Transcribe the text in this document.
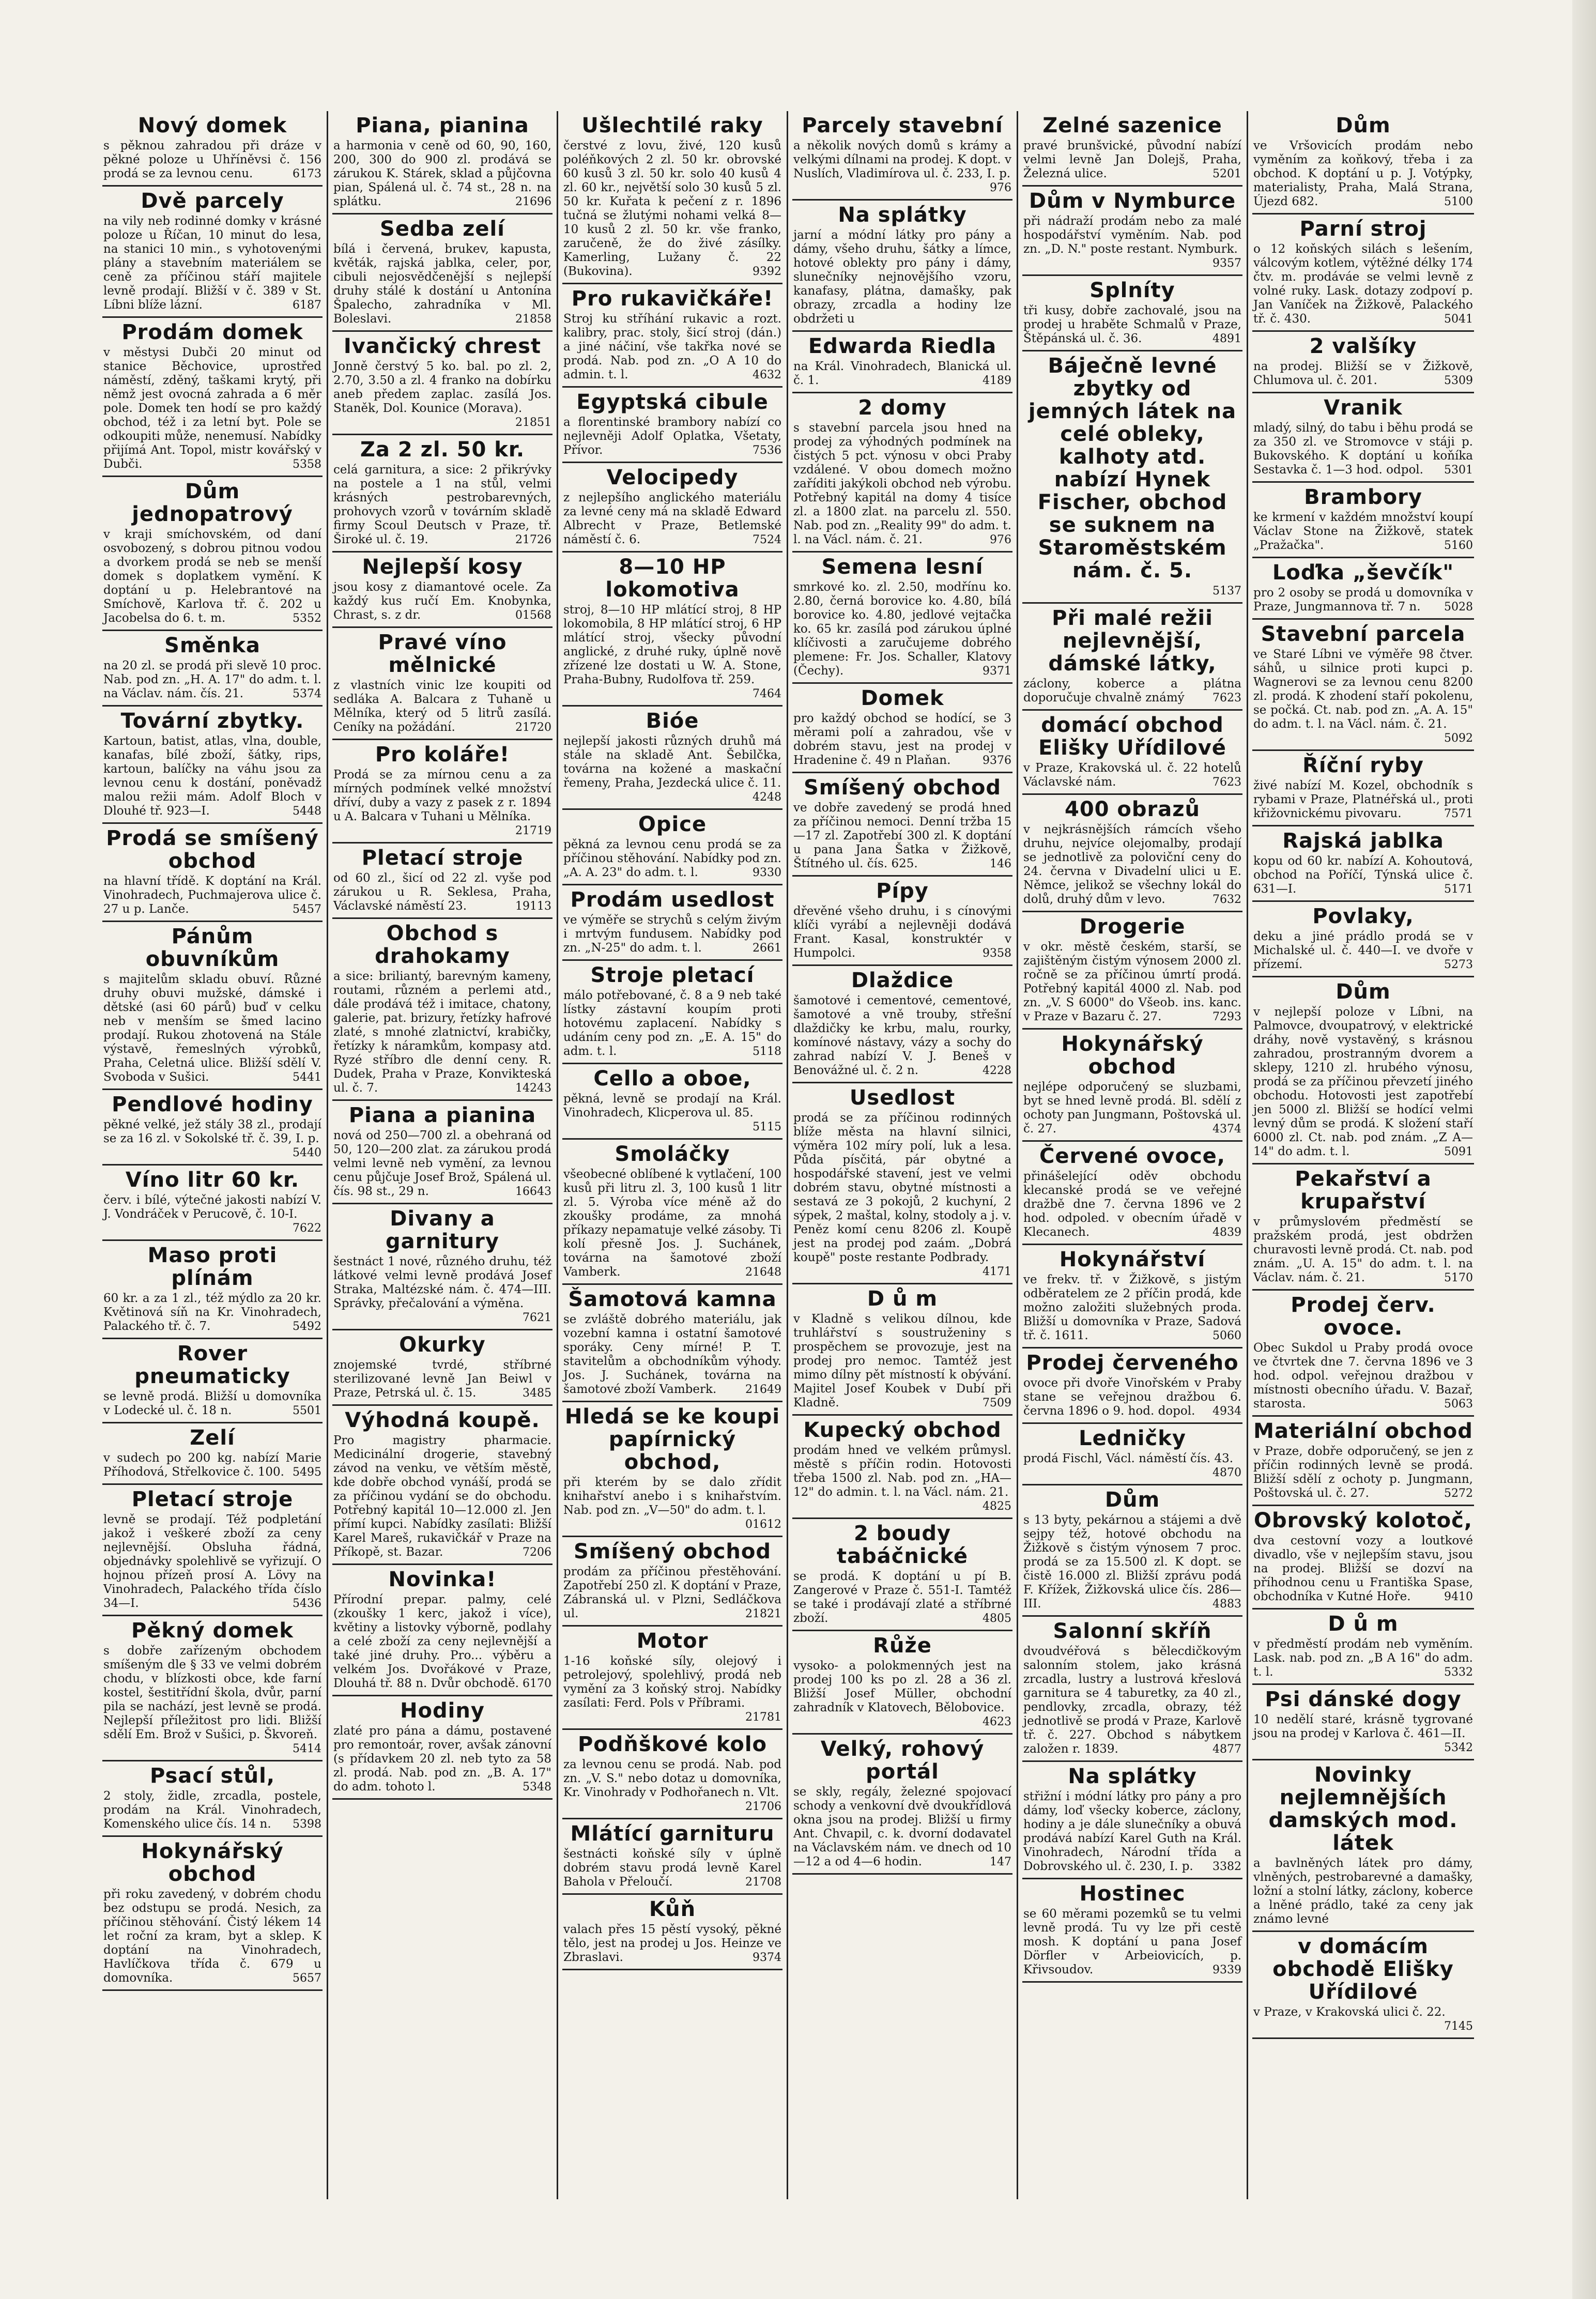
Nový domek
s pěknou zahradou při dráze v pěkné poloze u Uhříněvsi č. 156 prodá se za levnou cenu.	6173
Dvě parcely
na vily neb rodinné domky v krásné poloze u Říčan, 10 minut do lesa, na stanici 10 min., s vyhotovenými plány a stavebním materiálem se ceně za příčinou stáří majitele levně prodají. Bližší v č. 389 v St. Líbni blíže lázní.	6187
Prodám domek
v městysi Dubči 20 minut od stanice Běchovice, uprostřed náměstí, zděný, taškami krytý, při němž jest ovocná zahrada a 6 měr pole. Domek ten hodí se pro každý obchod, též i za letní byt. Pole se odkoupiti může, nenemusí. Nabídky přijímá Ant. Topol, mistr kovářský v Dubči.	5358
Dům jednopatrový
v kraji smíchovském, od daní osvobozený, s dobrou pitnou vodou a dvorkem prodá se neb se menší domek s doplatkem vymění. K doptání u p. Helebrantové na Smíchově, Karlova tř. č. 202 u Jacobelsa do 6. t. m.	5352
Směnka
na 20 zl. se prodá při slevě 10 proc. Nab. pod zn. „H. A. 17" do adm. t. l. na Václav. nám. čís. 21.	5374
Tovární zbytky.
Kartoun, batist, atlas, vlna, double, kanafas, bílé zboží, šátky, rips, kartoun, balíčky na váhu jsou za levnou cenu k dostání, poněvadž malou režii mám. Adolf Bloch v Dlouhé tř. 923—I.	5448
Prodá se smíšený obchod
na hlavní třídě. K doptání na Král. Vinohradech, Puchmajerova ulice č. 27 u p. Lanče.	5457
Pánům obuvníkům
s majitelům skladu obuví. Různé druhy obuvi mužské, dámské i dětské (asi 60 párů) buď v celku neb v menším se šmed lacino prodají. Rukou zhotovená na Stále výstavě, řemeslných výrobků, Praha, Celetná ulice. Bližší sdělí V. Svoboda v Sušici.	5441
Pendlové hodiny
pěkné velké, jež stály 38 zl., prodají se za 16 zl. v Sokolské tř. č. 39, I. p.
5440
Víno litr 60 kr.
červ. i bílé, výtečné jakosti nabízí V. J. Vondráček v Perucově, č. 10-I.
7622
Maso proti plínám
60 kr. a za 1 zl., též mýdlo za 20 kr. Květinová síň na Kr. Vinohradech, Palackého tř. č. 7.	5492
Rover pneumaticky
se levně prodá. Bližší u domovníka v Lodecké ul. č. 18 n.	5501
Zelí
v sudech po 200 kg. nabízí Marie Příhodová, Střelkovice č. 100. 5495
Pletací stroje
levně se prodají. Též podpletání jakož i veškeré zboží za ceny nejlevnější. Obsluha řádná, objednávky spolehlivě se vyřizují. O hojnou přízeň prosí A. Lövy na Vinohradech, Palackého třída číslo 34—I.	5436
Pěkný domek
s dobře zařízeným obchodem smíšeným dle § 33 ve velmi dobrém chodu, v blízkosti obce, kde farní kostel, šestitřídní škola, dvůr, parní pila se nachází, jest levně se prodá. Nejlepší příležitost pro lidi. Bližší sdělí Em. Brož v Sušici, p. Škvoreň.
5414
Psací stůl,
2 stoly, židle, zrcadla, postele, prodám na Král. Vinohradech, Komenského ulice čís. 14 n. 5398
Hokynářský obchod
při roku zavedený, v dobrém chodu bez odstupu se prodá. Nesich, za příčinou stěhování. Čistý lékem 14 let roční za kram, byt a sklep. K doptání na Vinohradech, Havlíčkova třída č. 679 u domovníka.	5657
Piana, pianina
a harmonia v ceně od 60, 90, 160, 200, 300 do 900 zl. prodává se zárukou K. Stárek, sklad a půjčovna pian, Spálená ul. č. 74 st., 28 n. na splátku.	21696
Sedba zelí
bílá i červená, brukev, kapusta, květák, rajská jablka, celer, por, cibuli nejosvědčenější s nejlepší druhy stálé k dostání u Antonína Špalecho, zahradníka v Ml. Boleslavi.	21858
Ivančický chrest
Jonně čerstvý 5 ko. bal. po zl. 2, 2.70, 3.50 a zl. 4 franko na dobírku aneb předem zaplac. zasílá Jos. Staněk, Dol. Kounice (Morava).
21851
Za 2 zl. 50 kr.
celá garnitura, a sice: 2 přikrývky na postele a 1 na stůl, velmi krásných pestrobarevných, prohovych vzorů v továrním skladě firmy Scoul Deutsch v Praze, tř. Široké ul. č. 19.	21726
Nejlepší kosy
jsou kosy z diamantové ocele. Za každý kus ručí Em. Knobynka, Chrast, s. z dr.	01568
Pravé víno mělnické
z vlastních vinic lze koupiti od sedláka A. Balcara z Tuhaně u Mělníka, který od 5 litrů zasílá. Ceníky na požádání.	21720
Pro koláře!
Prodá se za mírnou cenu a za mírných podmínek velké množství dříví, duby a vazy z pasek z r. 1894 u A. Balcara v Tuhani u Mělníka.
21719
Pletací stroje
od 60 zl., šicí od 22 zl. vyše pod zárukou u R. Seklesa, Praha, Václavské náměstí 23.	19113
Obchod s drahokamy
a sice: briliantý, barevným kameny, routami, různém a perlemi atd., dále prodává též i imitace, chatony, galerie, pat. brizury, řetízky hafrové zlaté, s mnohé zlatnictví, krabičky, řetízky k náramkům, kompasy atd. Ryzé stříbro dle denní ceny. R. Dudek, Praha v Praze, Konvikteská ul. č. 7.	14243
Piana a pianina
nová od 250—700 zl. a obehraná od 50, 120—200 zlat. za zárukou prodá velmi levně neb vymění, za levnou cenu půjčuje Josef Brož, Spálená ul. čís. 98 st., 29 n.	16643
Divany a garnitury
šestnáct 1 nové, různého druhu, též látkové velmi levně prodává Josef Straka, Maltézské nám. č. 474—III. Správky, přečalování a výměna.
7621
Okurky
znojemské tvrdé, stříbrné sterilizované levně Jan Beiwl v Praze, Petrská ul. č. 15.	3485
Výhodná koupě.
Pro magistry pharmacie. Medicinální drogerie, stavebný závod na venku, ve větším městě, kde dobře obchod vynáší, prodá se za příčinou vydání se do obchodu. Potřebný kapitál 10—12.000 zl. Jen přímí kupci. Nabídky zasílati: Bližší Karel Mareš, rukavičkář v Praze na Příkopě, st. Bazar.	7206
Novinka!
Přírodní prepar. palmy, celé (zkoušky 1 kerc, jakož i více), květiny a listovky výborně, podlahy a celé zboží za ceny nejlevnější a také jiné druhy. Pro... výběru a velkém Jos. Dvořákové v Praze, Dlouhá tř. 88 n. Dvůr obchodě. 6170
Hodiny
zlaté pro pána a dámu, postavené pro remontoár, rover, avšak zánovní (s přídavkem 20 zl. neb tyto za 58 zl. prodá. Nab. pod zn. „B. A. 17" do adm. tohoto l.	5348
Ušlechtilé raky
čerstvé z lovu, živé, 120 kusů poléňkových 2 zl. 50 kr. obrovské 60 kusů 3 zl. 50 kr. solo 40 kusů 4 zl. 60 kr., největší solo 30 kusů 5 zl. 50 kr. Kuřata k pečení z r. 1896 tučná se žlutými nohami velká 8—10 kusů 2 zl. 50 kr. vše franko, zaručeně, že do živé zásílky. Kamerling, Lužany č. 22 (Bukovina).	9392
Pro rukavičkáře!
Stroj ku stříhání rukavic a rozt. kalibry, prac. stoly, šicí stroj (dán.) a jiné náčiní, vše takřka nové se prodá. Nab. pod zn. „O A 10 do admin. t. l.	4632
Egyptská cibule
a florentinské brambory nabízí co nejlevněji Adolf Oplatka, Všetaty, Přívor.	7536
Velocipedy
z nejlepšího anglického materiálu za levné ceny má na skladě Edward Albrecht v Praze, Betlemské náměstí č. 6.	7524
8—10 HP lokomotiva
stroj, 8—10 HP mlátící stroj, 8 HP lokomobila, 8 HP mlátící stroj, 6 HP mlátící stroj, všecky původní anglické, z druhé ruky, úplně nově zřízené lze dostati u W. A. Stone, Praha-Bubny, Rudolfova tř. 259.
7464
Bióe
nejlepší jakosti různých druhů má stále na skladě Ant. Šebilčka, továrna na kožené a maskační řemeny, Praha, Jezdecká ulice č. 11.
4248
Opice
pěkná za levnou cenu prodá se za příčinou stěhování. Nabídky pod zn. „A. A. 23" do adm. t. l.	9330
Prodám usedlost
ve výměře se strychů s celým živým i mrtvým fundusem. Nabídky pod zn. „N-25" do adm. t. l.	2661
Stroje pletací
málo potřebované, č. 8 a 9 neb také lístky zástavní koupím proti hotovému zaplacení. Nabídky s udáním ceny pod zn. „E. A. 15" do adm. t. l.	5118
Cello a oboe,
pěkná, levně se prodají na Král. Vinohradech, Klicperova ul. 85.
5115
Smoláčky
všeobecné oblíbené k vytlačení, 100 kusů při litru zl. 3, 100 kusů 1 litr zl. 5. Výroba více méně až do zkoušky prodáme, za mnohá příkazy nepamatuje velké zásoby. Ti kolí přesně Jos. J. Suchánek, továrna na šamotové zboží Vamberk.	21648
Šamotová kamna
se zvláště dobrého materiálu, jak vozební kamna i ostatní šamotové sporáky. Ceny mírné! P. T. stavitelům a obchodníkům výhody. Jos. J. Suchánek, továrna na šamotové zboží Vamberk.	21649
Hledá se ke koupi papírnický obchod,
při kterém by se dalo zřídit knihařství anebo i s knihařstvím. Nab. pod zn. „V—50" do adm. t. l.
01612
Smíšený obchod
prodám za příčinou přestěhování. Zapotřebí 250 zl. K doptání v Praze, Zábranská ul. v Plzni, Sedláčkova ul.	21821
Motor
1-16 koňské síly, olejový i petrolejový, spolehlivý, prodá neb vymění za 3 koňský stroj. Nabídky zasílati: Ferd. Pols v Příbrami.
21781
Podňškové kolo
za levnou cenu se prodá. Nab. pod zn. „V. S." nebo dotaz u domovníka, Kr. Vinohrady v Podhořanech n. Vlt.
21706
Mlátící garnituru
šestnácti koňské síly v úplně dobrém stavu prodá levně Karel Bahola v Přeloučí.	21708
Kůň
valach přes 15 pěstí vysoký, pěkné tělo, jest na prodej u Jos. Heinze ve Zbraslavi.	9374
Parcely stavební
a několik nových domů s krámy a velkými dílnami na prodej. K dopt. v Nuslích, Vladimírova ul. č. 233, I. p.
976
Na splátky
jarní a módní látky pro pány a dámy, všeho druhu, šátky a límce, hotové oblekty pro pány i dámy, slunečníky nejnovějšího vzoru, kanafasy, plátna, damašky, pak obrazy, zrcadla a hodiny lze obdržeti u
Edwarda Riedla
na Král. Vinohradech, Blanická ul. č. 1.	4189
2 domy
s stavební parcela jsou hned na prodej za výhodných podmínek na čistých 5 pct. výnosu v obci Praby vzdálené. V obou domech možno zaříditi jakýkoli obchod neb výrobu. Potřebný kapitál na domy 4 tisíce zl. a 1800 zlat. na parcelu zl. 550. Nab. pod zn. „Reality 99" do adm. t. l. na Václ. nám. č. 21.	976
Semena lesní
smrkové ko. zl. 2.50, modřínu ko. 2.80, černá borovice ko. 4.80, bílá borovice ko. 4.80, jedlové vejtačka ko. 65 kr. zasílá pod zárukou úplné klíčivosti a zaručujeme dobrého plemene: Fr. Jos. Schaller, Klatovy (Čechy).	9371
Domek
pro každý obchod se hodící, se 3 měrami polí a zahradou, vše v dobrém stavu, jest na prodej v Hradenine č. 49 n Plaňan.	9376
Smíšený obchod
ve dobře zavedený se prodá hned za příčinou nemoci. Denní tržba 15—17 zl. Zapotřebí 300 zl. K doptání u pana Jana Šatka v Žižkově, Štítného ul. čís. 625.	146
Pípy
dřevěné všeho druhu, i s cínovými klíči vyrábí a nejlevněji dodává Frant. Kasal, konstruktér v Humpolci.	9358
Dlaždice
šamotové i cementové, cementové, šamotové a vně trouby, střešní dlaždičky ke krbu, malu, rourky, komínové nástavy, vázy a sochy do zahrad nabízí V. J. Beneš v Benovážné ul. č. 2 n.	4228
Usedlost
prodá se za příčinou rodinných blíže města na hlavní silnici, výměra 102 míry polí, luk a lesa. Půda písčitá, pár obytné a hospodářské stavení, jest ve velmi dobrém stavu, obytné místnosti a sestavá ze 3 pokojů, 2 kuchyní, 2 sýpek, 2 maštal, kolny, stodoly a j. v. Peněz komí cenu 8206 zl. Koupě jest na prodej pod zaám. „Dobrá koupě" poste restante Podbrady.
4171
D ů m
v Kladně s velikou dílnou, kde truhlářství s soustruženiny s prospěchem se provozuje, jest na prodej pro nemoc. Tamtéž jest mimo dílny pět místností k obývání. Majitel Josef Koubek v Dubí při Kladně.	7509
Kupecký obchod
prodám hned ve velkém průmysl. městě s příčin rodin. Hotovosti třeba 1500 zl. Nab. pod zn. „HA—12" do admin. t. l. na Václ. nám. 21.
4825
2 boudy tabáčnické
se prodá. K doptání u pí B. Zangerové v Praze č. 551-I. Tamtéž se také i prodávají zlaté a stříbrné zboží.	4805
Růže
vysoko- a polokmenných jest na prodej 100 ks po zl. 28 a 36 zl. Bližší Josef Müller, obchodní zahradník v Klatovech, Bělobovice.
4623
Velký, rohový portál
se skly, regály, železné spojovací schody a venkovní dvě dvoukřídlová okna jsou na prodej. Bližší u firmy Ant. Chvapil, c. k. dvorní dodavatel na Václavském nám. ve dnech od 10—12 a od 4—6 hodin.	147
Zelné sazenice
pravé brunšvické, původní nabízí velmi levně Jan Dolejš, Praha, Železná ulice.	5201
Dům v Nymburce
při nádraží prodám nebo za malé hospodářství vyměním. Nab. pod zn. „D. N." poste restant. Nymburk.
9357
Splníty
tři kusy, dobře zachovalé, jsou na prodej u hraběte Schmalů v Praze, Štěpánská ul. č. 36.	4891
Báječně levné zbytky od jemných látek na celé obleky, kalhoty atd. nabízí Hynek Fischer, obchod se suknem na Staroměstském nám. č. 5.
5137
Při malé režii nejlevnější, dámské látky,
záclony, koberce a plátna doporučuje chvalně známý 7623
domácí obchod Elišky Uřídilové
v Praze, Krakovská ul. č. 22 hotelů Václavské nám.	7623
400 obrazů
v nejkrásnějších rámcích všeho druhu, nejvíce olejomalby, prodají se jednotlivě za poloviční ceny do 24. června v Divadelní ulici u E. Němce, jelikož se všechny lokál do dolů, druhý dům v levo.	7632
Drogerie
v okr. městě českém, starší, se zajištěným čistým výnosem 2000 zl. ročně se za příčinou úmrtí prodá. Potřebný kapitál 4000 zl. Nab. pod zn. „V. S 6000" do Všeob. ins. kanc. v Praze v Bazaru č. 27.	7293
Hokynářský obchod
nejlépe odporučený se sluzbami, byt se hned levně prodá. Bl. sdělí z ochoty pan Jungmann, Poštovská ul. č. 27.	4374
Červené ovoce,
přinášelející oděv obchodu klecanské prodá se ve veřejné dražbě dne 7. června 1896 ve 2 hod. odpoled. v obecním úřadě v Klecanech.	4839
Hokynářství
ve frekv. tř. v Žižkově, s jistým odběratelem ze 2 příčin prodá, kde možno založiti služebných proda. Bližší u domovníka v Praze, Sadová tř. č. 1611.	5060
Prodej červeného
ovoce při dvoře Vinořském v Praby stane se veřejnou dražbou 6. června 1896 o 9. hod. dopol. 4934
Ledničky
prodá Fischl, Václ. náměstí čís. 43.
4870
Dům
s 13 byty, pekárnou a stájemi a dvě sejpy též, hotové obchodu na Žižkově s čistým výnosem 7 proc. prodá se za 15.500 zl. K dopt. se čistě 16.000 zl. Bližší zprávu podá F. Křížek, Žižkovská ulice čís. 286—III.	4883
Salonní skříň
dvoudvéřová s bělecdičkovým salonním stolem, jako krásná zrcadla, lustry a lustrová křeslová garnitura se 4 taburetky, za 40 zl., pendlovky, zrcadla, obrazy, též jednotlivě se prodá v Praze, Karlově tř. č. 227. Obchod s nábytkem založen r. 1839.	4877
Na splátky
střižní i módní látky pro pány a pro dámy, loď všecky koberce, záclony, hodiny a je dále slunečníky a obuvá prodává nabízí Karel Guth na Král. Vinohradech, Národní třída a Dobrovského ul. č. 230, I. p. 3382
Hostinec
se 60 měrami pozemků se tu velmi levně prodá. Tu vy lze při cestě mosh. K doptání u pana Josef Dörfler v Arbeiovicích, p. Křivsoudov.	9339
Dům
ve Vršovicích prodám nebo vyměním za koňkový, třeba i za obchod. K doptání u p. J. Votýpky, materialisty, Praha, Malá Strana, Újezd 682.	5100
Parní stroj
o 12 koňských silách s lešením, válcovým kotlem, výtěžné délky 174 čtv. m. prodáváe se velmi levně z volné ruky. Lask. dotazy zodpoví p. Jan Vaníček na Žižkově, Palackého tř. č. 430.	5041
2 valšíky
na prodej. Bližší se v Žižkově, Chlumova ul. č. 201.	5309
Vranik
mladý, silný, do tabu i běhu prodá se za 350 zl. ve Stromovce v stáji p. Bukovského. K doptání u koňíka Sestavka č. 1—3 hod. odpol. 5301
Brambory
ke krmení v každém množství koupí Václav Stone na Žižkově, statek „Pražačka".	5160
Loďka „ševčík"
pro 2 osoby se prodá u domovníka v Praze, Jungmannova tř. 7 n. 5028
Stavební parcela
ve Staré Líbni ve výměře 98 čtver. sáhů, u silnice proti kupci p. Wagnerovi se za levnou cenu 8200 zl. prodá. K zhodení staří pokolenu, se počká. Ct. nab. pod zn. „A. A. 15" do adm. t. l. na Václ. nám. č. 21.
5092
Říční ryby
živé nabízí M. Kozel, obchodník s rybami v Praze, Platnéřská ul., proti křižovnickému pivovaru.	7571
Rajská jablka
kopu od 60 kr. nabízí A. Kohoutová, obchod na Poříčí, Týnská ulice č. 631—I.	5171
Povlaky,
deku a jiné prádlo prodá se v Michalské ul. č. 440—I. ve dvoře v přízemí.	5273
Dům
v nejlepší poloze v Líbni, na Palmovce, dvoupatrový, v elektrické dráhy, nově vystavěný, s krásnou zahradou, prostranným dvorem a sklepy, 1210 zl. hrubého výnosu, prodá se za příčinou převzetí jiného obchodu. Hotovosti jest zapotřebí jen 5000 zl. Bližší se hodící velmi levný dům se prodá. K složení staří 6000 zl. Ct. nab. pod znám. „Z A—14" do adm. t. l.	5091
Pekařství a krupařství
v průmyslovém předměstí se pražském prodá, jest obdržen churavosti levně prodá. Ct. nab. pod znám. „U. A. 15" do adm. t. l. na Václav. nám. č. 21.	5170
Prodej červ. ovoce.
Obec Sukdol u Praby prodá ovoce ve čtvrtek dne 7. června 1896 ve 3 hod. odpol. veřejnou dražbou v místnosti obecního úřadu. V. Bazař, starosta.	5063
Materiální obchod
v Praze, dobře odporučený, se jen z příčin rodinných levně se prodá. Bližší sdělí z ochoty p. Jungmann, Poštovská ul. č. 27.	5272
Obrovský kolotoč,
dva cestovní vozy a loutkové divadlo, vše v nejlepším stavu, jsou na prodej. Bližší se dozví na příhodnou cenu u Františka Spase, obchodníka v Kutné Hoře.	9410
D ů m
v předměstí prodám neb vyměním. Lask. nab. pod zn. „B A 16" do adm. t. l.	5332
Psi dánské dogy
10 nedělí staré, krásně tygrované jsou na prodej v Karlova č. 461—II.
5342
Novinky nejlemnějších damských mod. látek
a bavlněných látek pro dámy, vlněných, pestrobarevné a damašky, ložní a stolní látky, záclony, koberce a lněné prádlo, také za ceny jak známo levné
v domácím obchodě Elišky Uřídilové
v Praze, v Krakovská ulici č. 22.
7145
